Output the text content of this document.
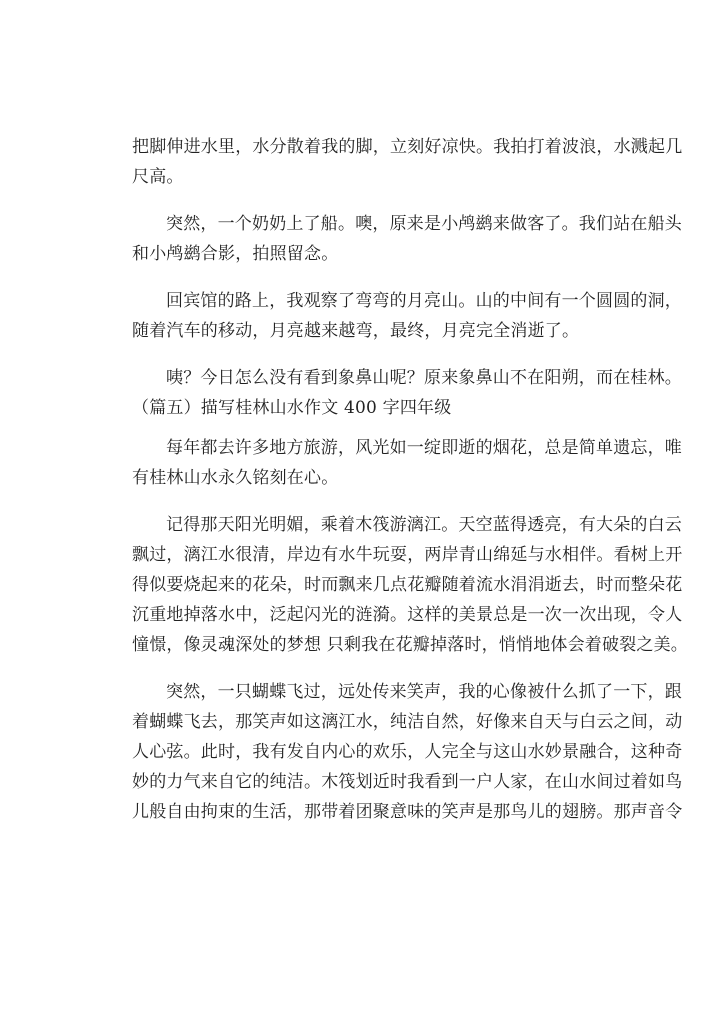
把脚伸进水里，水分散着我的脚，立刻好凉快。我拍打着波浪，水溅起几
尺高。
突然，一个奶奶上了船。噢，原来是小鸬鹚来做客了。我们站在船头
和小鸬鹚合影，拍照留念。
回宾馆的路上，我观察了弯弯的月亮山。山的中间有一个圆圆的洞，
随着汽车的移动，月亮越来越弯，最终，月亮完全消逝了。
咦？今日怎么没有看到象鼻山呢？原来象鼻山不在阳朔，而在桂林。
（篇五）描写桂林山水作文 400 字四年级
每年都去许多地方旅游，风光如一绽即逝的烟花，总是简单遗忘，唯
有桂林山水永久铭刻在心。
记得那天阳光明媚，乘着木筏游漓江。天空蓝得透亮，有大朵的白云
飘过，漓江水很清，岸边有水牛玩耍，两岸青山绵延与水相伴。看树上开
得似要烧起来的花朵，时而飘来几点花瓣随着流水涓涓逝去，时而整朵花
沉重地掉落水中，泛起闪光的涟漪。这样的美景总是一次一次出现，令人
憧憬，像灵魂深处的梦想 只剩我在花瓣掉落时，悄悄地体会着破裂之美。
突然，一只蝴蝶飞过，远处传来笑声，我的心像被什么抓了一下，跟
着蝴蝶飞去，那笑声如这漓江水，纯洁自然，好像来自天与白云之间，动
人心弦。此时，我有发自内心的欢乐，人完全与这山水妙景融合，这种奇
妙的力气来自它的纯洁。木筏划近时我看到一户人家，在山水间过着如鸟
儿般自由拘束的生活，那带着团聚意味的笑声是那鸟儿的翅膀。那声音令
